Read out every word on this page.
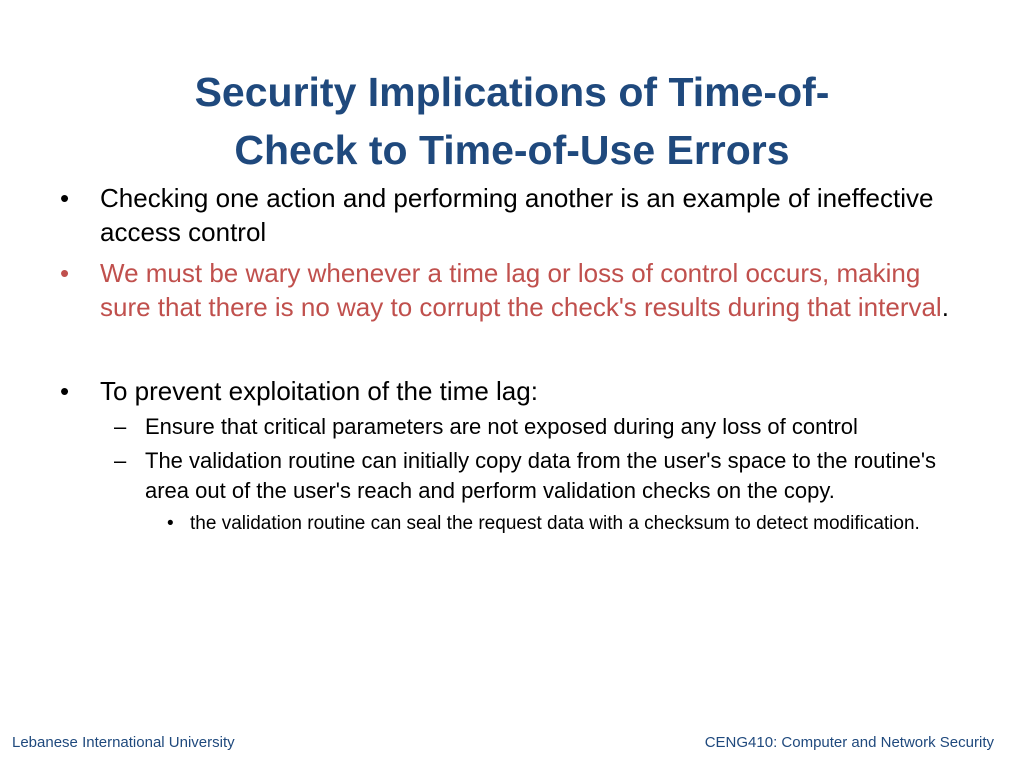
Security Implications of Time-of-
Check to Time-of-Use Errors
• Checking one action and performing another is an example of ineffective access control
• We must be wary whenever a time lag or loss of control occurs, making sure that there is no way to corrupt the check's results during that interval.
• To prevent exploitation of the time lag:
– Ensure that critical parameters are not exposed during any loss of control
– The validation routine can initially copy data from the user's space to the routine's area out of the user's reach and perform validation checks on the copy.
• the validation routine can seal the request data with a checksum to detect modification.
Lebanese International University	CENG410: Computer and Network Security
